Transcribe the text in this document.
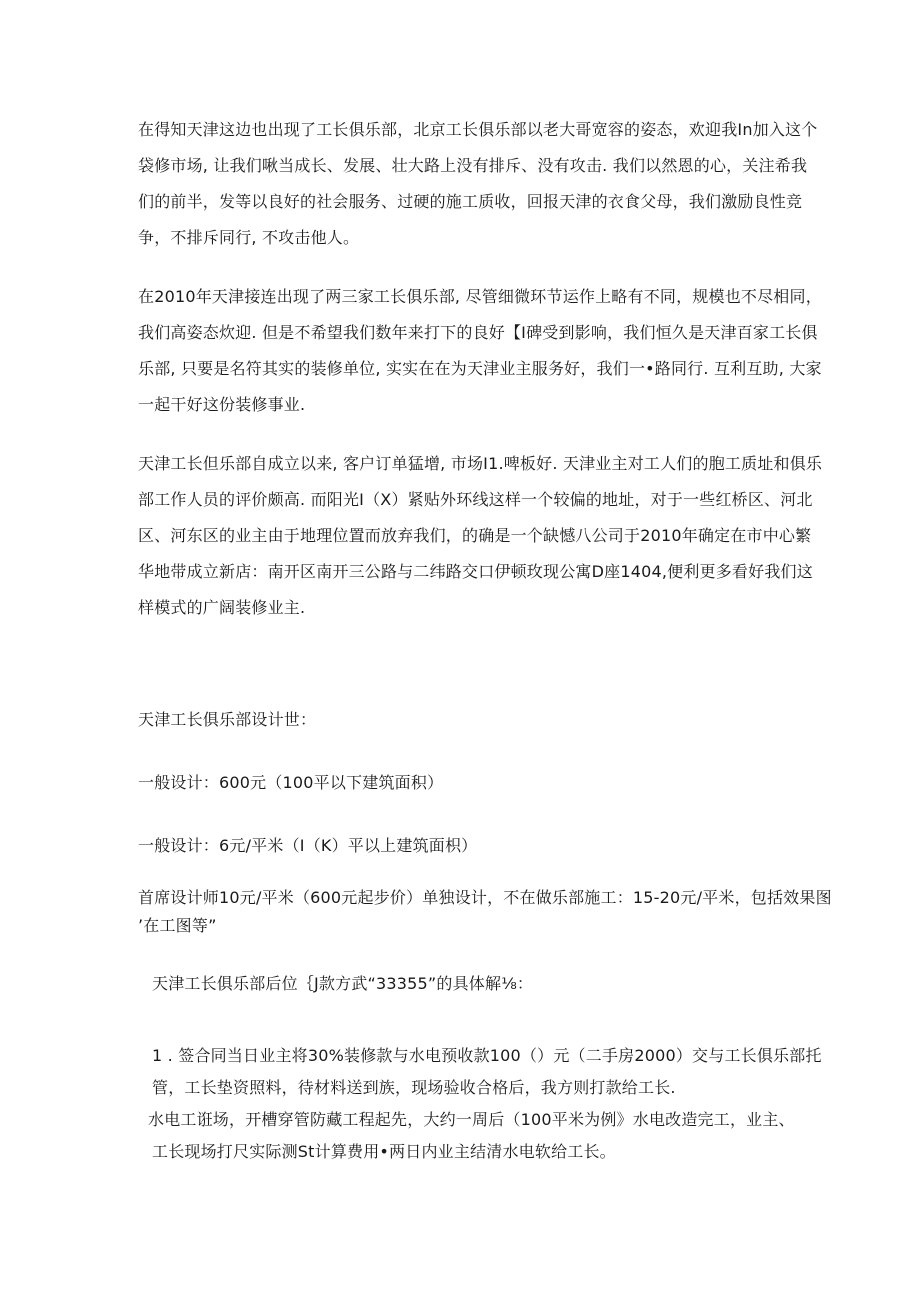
在得知天津这边也出现了工长俱乐部，北京工长俱乐部以老大哥宽容的姿态，欢迎我In加入这个
袋修市场, 让我们啾当成长、发展、壮大路上没有排斥、没有攻击. 我们以然恩的心，关注希我
们的前半，发等以良好的社会服务、过硬的施工质收，回报天津的衣食父母，我们激励良性竞
争，不排斥同行, 不攻击他人。
在2010年天津接连出现了两三家工长俱乐部, 尽管细微环节运作上略有不同，规模也不尽相同，
我们高姿态炊迎. 但是不希望我们数年来打下的良好【I碑受到影响，我们恒久是天津百家工长俱
乐部, 只要是名符其实的装修单位, 实实在在为天津业主服务好，我们一•路同行. 互利互助, 大家
一起干好这份装修事业.
天津工长但乐部自成立以来, 客户订单猛增, 市场I1.啤板好. 天津业主对工人们的胞工质址和俱乐
部工作人员的评价颇高. 而阳光I（X）紧贴外环线这样一个较偏的地址，对于一些红桥区、河北
区、河东区的业主由于地理位置而放弃我们，的确是一个缺憾八公司于2010年确定在市中心繁
华地带成立新店：南开区南开三公路与二纬路交口伊顿玫现公寓D座1404,便利更多看好我们这
样模式的广阔装修业主.
天津工长俱乐部设计世：
一般设计：600元（100平以下建筑面积）
一般设计：6元/平米（I（K）平以上建筑面枳）
首席设计师10元/平米（600元起步价）单独设计，不在做乐部施工：15-20元/平米，包括效果图
’在工图等”
天津工长俱乐部后位｛J款方武“33355”的具体解⅛：
1 . 签合同当日业主将30%装修款与水电预收款100（）元（二手房2000）交与工长俱乐部托
管，工长垫资照料，待材料送到族，现场验收合格后，我方则打款给工长.
水电工诳场，开槽穿管防藏工程起先，大约一周后（100平米为例》水电改造完工，业主、
工长现场打尺实际测St计算费用•两日内业主结清水电软给工长。
